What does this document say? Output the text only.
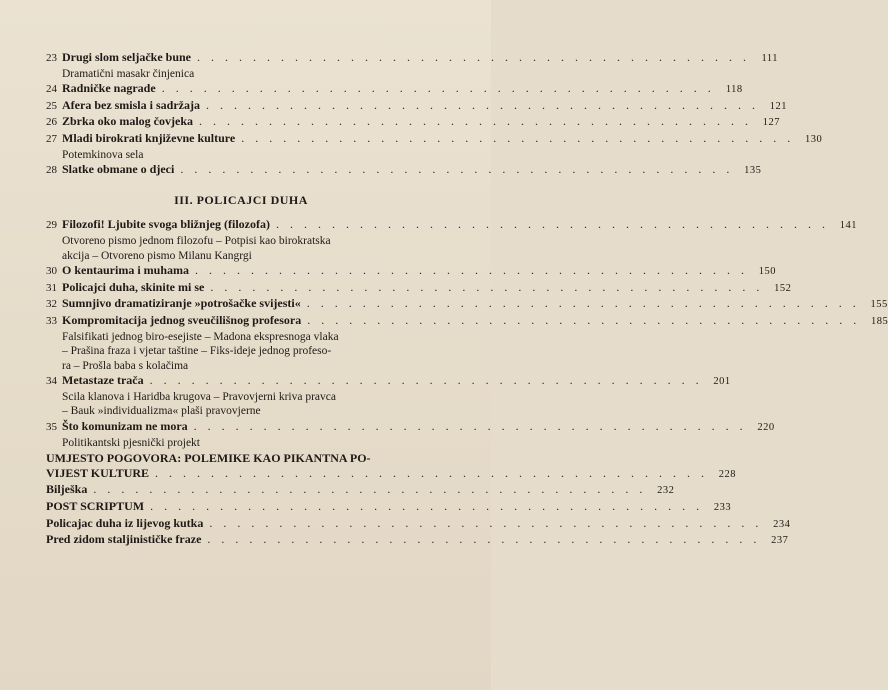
23 Drugi slom seljačke bune . . .	111
Dramatični masakr činjenica
24 Radničke nagrade . . .	118
25 Afera bez smisla i sadržaja . . .	121
26 Zbrka oko malog čovjeka . . .	127
27 Mladi birokrati književne kulture . . .	130
Potemkinova sela
28 Slatke obmane o djeci . . .	135
III. POLICAJCI DUHA
29 Filozofi! Ljubite svoga bližnjeg (filozofa) . . .	141
Otvoreno pismo jednom filozofu – Potpisi kao birokratska
akcija – Otvoreno pismo Milanu Kangrgi
30 O kentaurima i muhama . . .	150
31 Policajci duha, skinite mi se . . .	152
32 Sumnjivo dramatiziranje »potrošačke svijesti« . . .	155
33 Kompromitacija jednog sveučilišnog profesora . . .	185
Falsifikati jednog biro-esejiste – Madona ekspresnoga vlaka
– Prašina fraza i vjetar taštine – Fiks-ideje jednog profeso-
ra – Prošla baba s kolačima
34 Metastaze trača . . .	201
Scila klanova i Haridba krugova – Pravovjerni kriva pravca
– Bauk »individualizma« plaši pravovjerne
35 Što komunizam ne mora . . .	220
Politikantski pjesnički projekt
UMJESTO POGOVORA: POLEMIKE KAO PIKANTNA PO-
VIJEST KULTURE . . .	228
Bilješka . . .	232
POST SCRIPTUM . . .	233
Policajac duha iz lijevog kutka . . .	234
Pred zidom staljinističke fraze . . .	237
